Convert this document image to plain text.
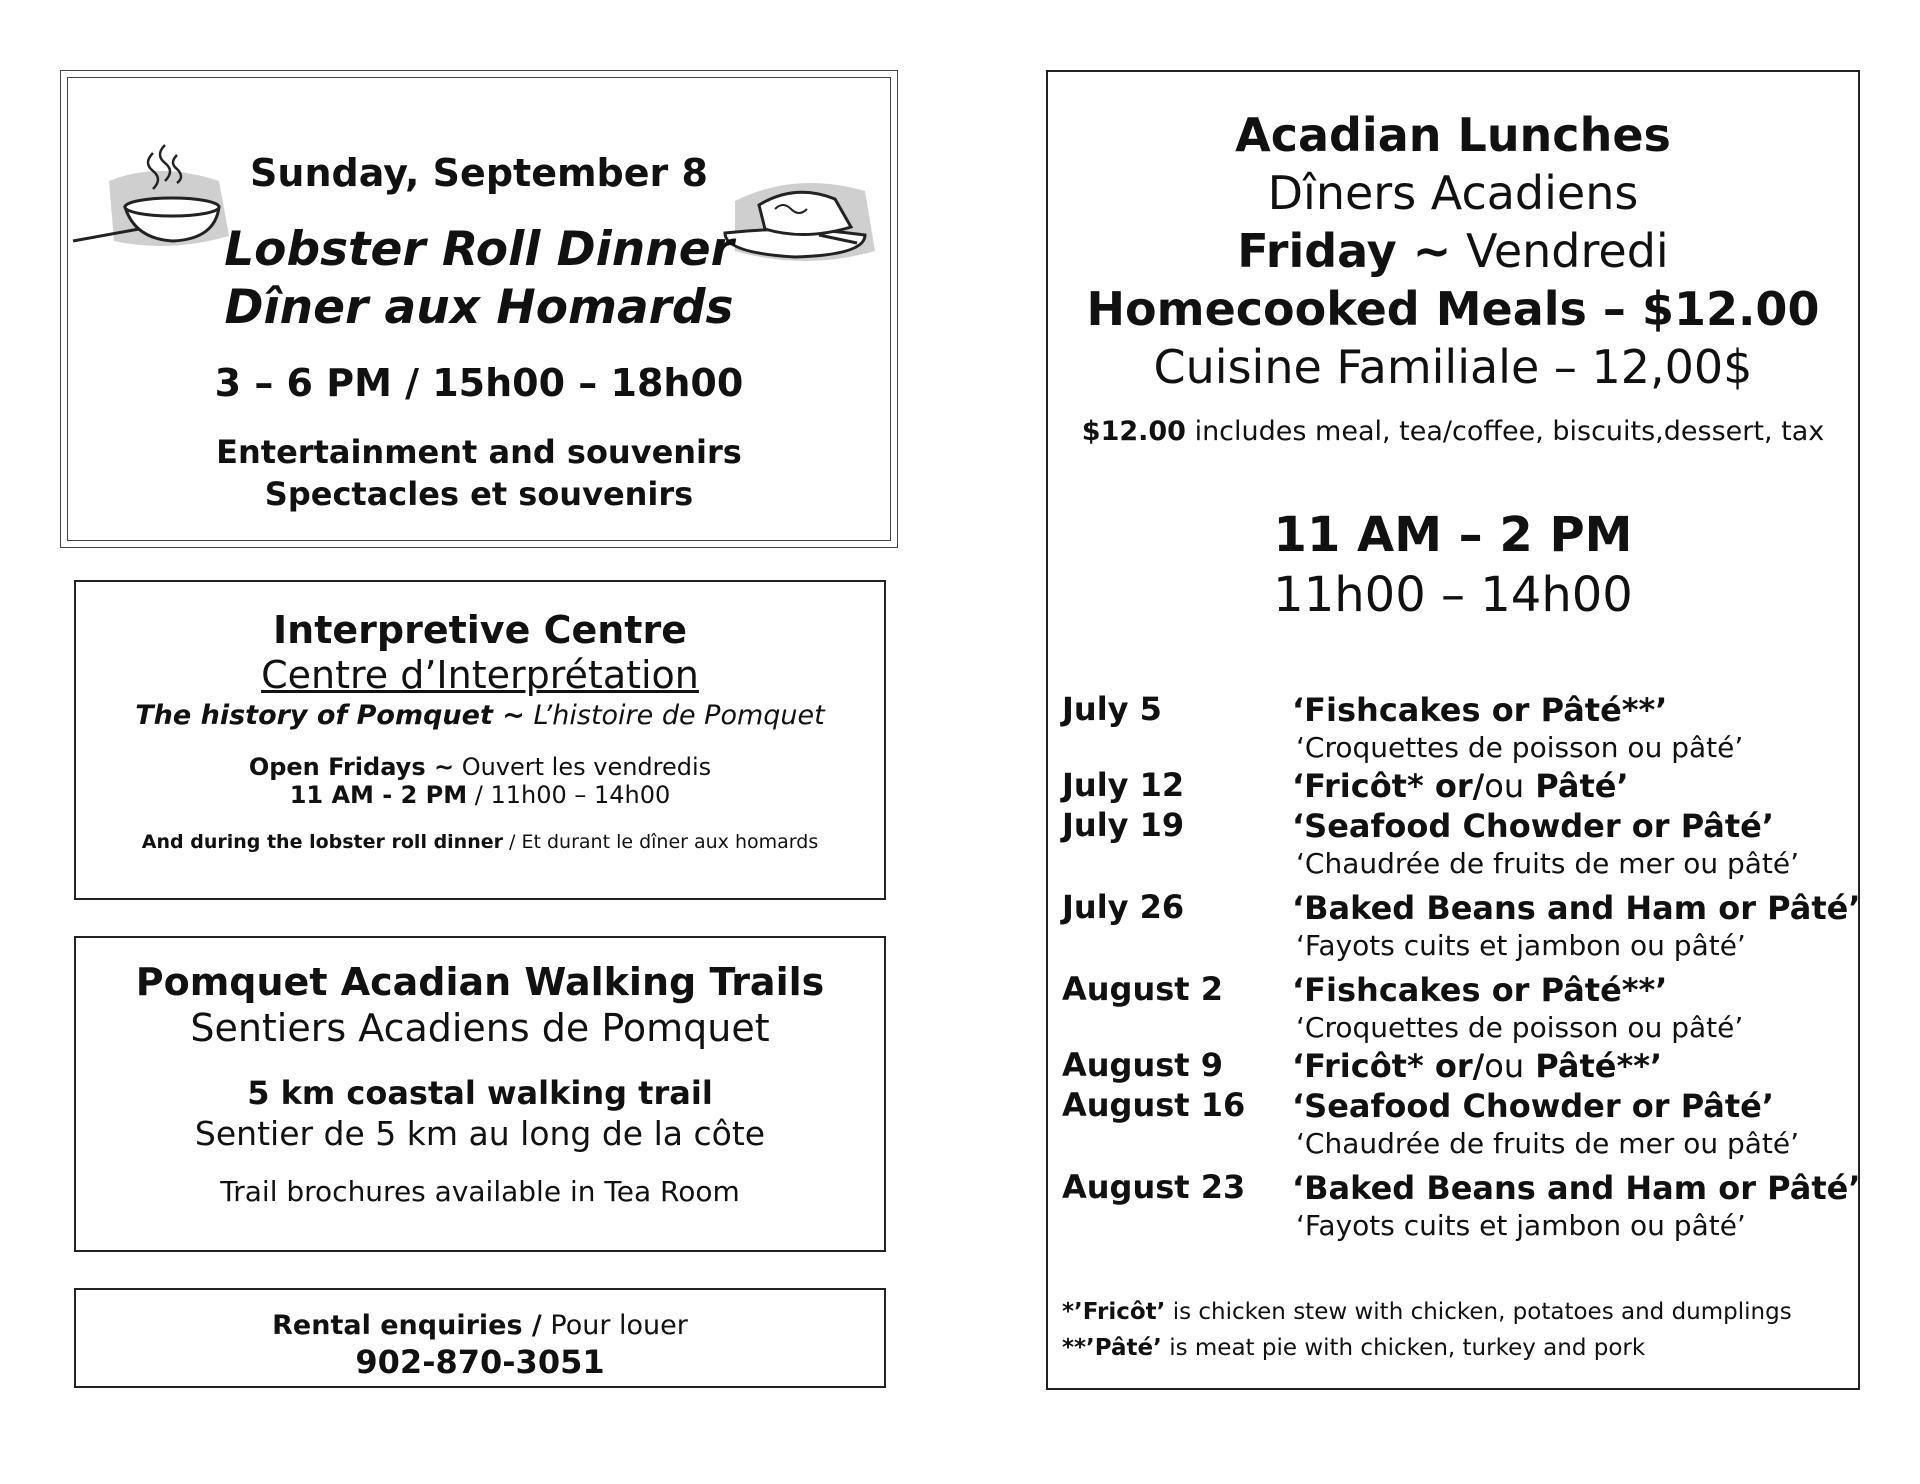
Sunday, September 8
Lobster Roll Dinner
Dîner aux Homards
3 – 6 PM / 15h00 – 18h00
Entertainment and souvenirs
Spectacles et souvenirs
Interpretive Centre
Centre d’Interprétation
The history of Pomquet ~ L’histoire de Pomquet
Open Fridays ~ Ouvert les vendredis
11 AM - 2 PM / 11h00 – 14h00
And during the lobster roll dinner / Et durant le dîner aux homards
Pomquet Acadian Walking Trails
Sentiers Acadiens de Pomquet
5 km coastal walking trail
Sentier de 5 km au long de la côte
Trail brochures available in Tea Room
Rental enquiries / Pour louer
902-870-3051
Acadian Lunches
Dîners Acadiens
Friday ~ Vendredi
Homecooked Meals – $12.00
Cuisine Familiale – 12,00$
$12.00 includes meal, tea/coffee, biscuits,dessert, tax
11 AM – 2 PM
11h00 – 14h00
July 5	‘Fishcakes or Pâté**’
‘Croquettes de poisson ou pâté’
July 12	‘Fricôt* or/ou Pâté’
July 19	‘Seafood Chowder or Pâté’
‘Chaudrée de fruits de mer ou pâté’
July 26	‘Baked Beans and Ham or Pâté’
‘Fayots cuits et jambon ou pâté’
August 2 ‘Fishcakes or Pâté**’
‘Croquettes de poisson ou pâté’
August 9 ‘Fricôt* or/ou Pâté**’
August 16 ‘Seafood Chowder or Pâté’
‘Chaudrée de fruits de mer ou pâté’
August 23 ‘Baked Beans and Ham or Pâté’
‘Fayots cuits et jambon ou pâté’
*’Fricôt’ is chicken stew with chicken, potatoes and dumplings
**’Pâté’ is meat pie with chicken, turkey and pork
